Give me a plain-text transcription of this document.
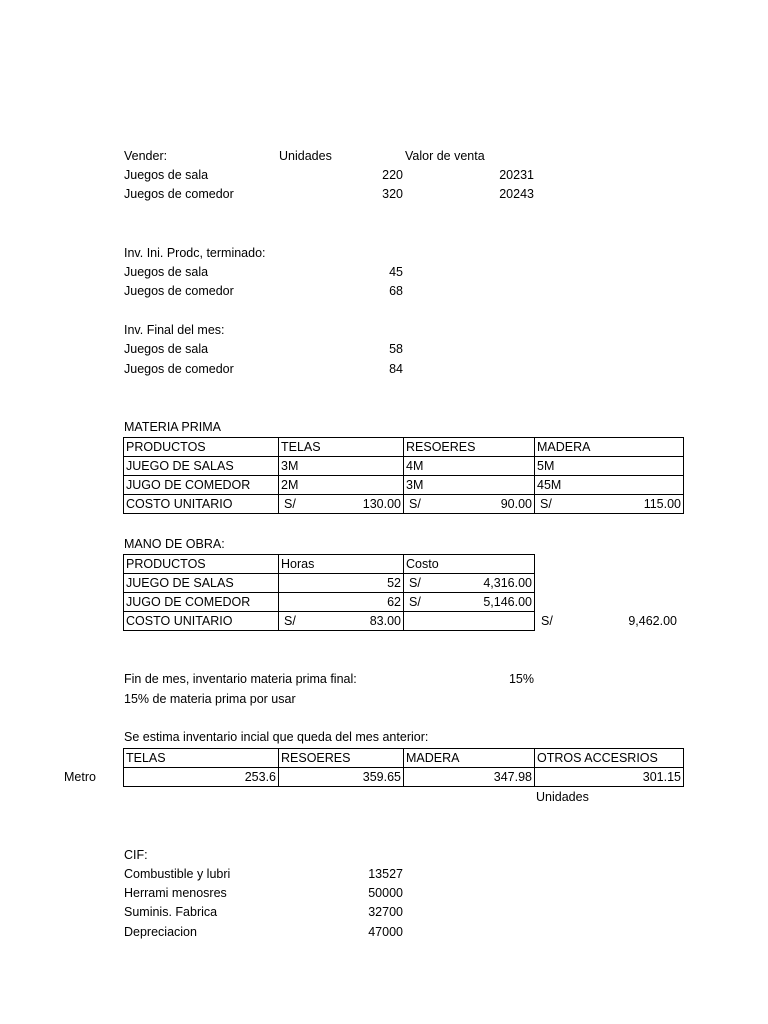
Vender:	Unidades	Valor de venta
Juegos de sala	220	20231
Juegos de comedor	320	20243
Inv. Ini. Prodc, terminado:
Juegos de sala	45
Juegos de comedor	68
Inv. Final del mes:
Juegos de sala	58
Juegos de comedor	84
MATERIA PRIMA
PRODUCTOS	TELAS	RESOERES	MADERA
JUEGO DE SALAS	3M	4M	5M
JUGO DE COMEDOR	2M	3M	45M
COSTO UNITARIO	S/ 130.00	S/ 90.00	S/ 115.00
MANO DE OBRA:
PRODUCTOS	Horas	Costo
JUEGO DE SALAS	52	S/ 4,316.00

JUGO DE COMEDOR	62	S/ 5,146.00

COSTO UNITARIO	S/ 83.00	
		S/	9,462.00
Fin de mes, inventario materia prima final:	15%
15% de materia prima por usar
Se estima inventario incial que queda del mes anterior:
Metro
TELAS	RESOERES	MADERA	OTROS ACCESRIOS
253.6	359.65	347.98	301.15
Unidades
CIF:
Combustible y lubri	13527
Herrami menosres	50000
Suminis. Fabrica	32700
Depreciacion	47000
